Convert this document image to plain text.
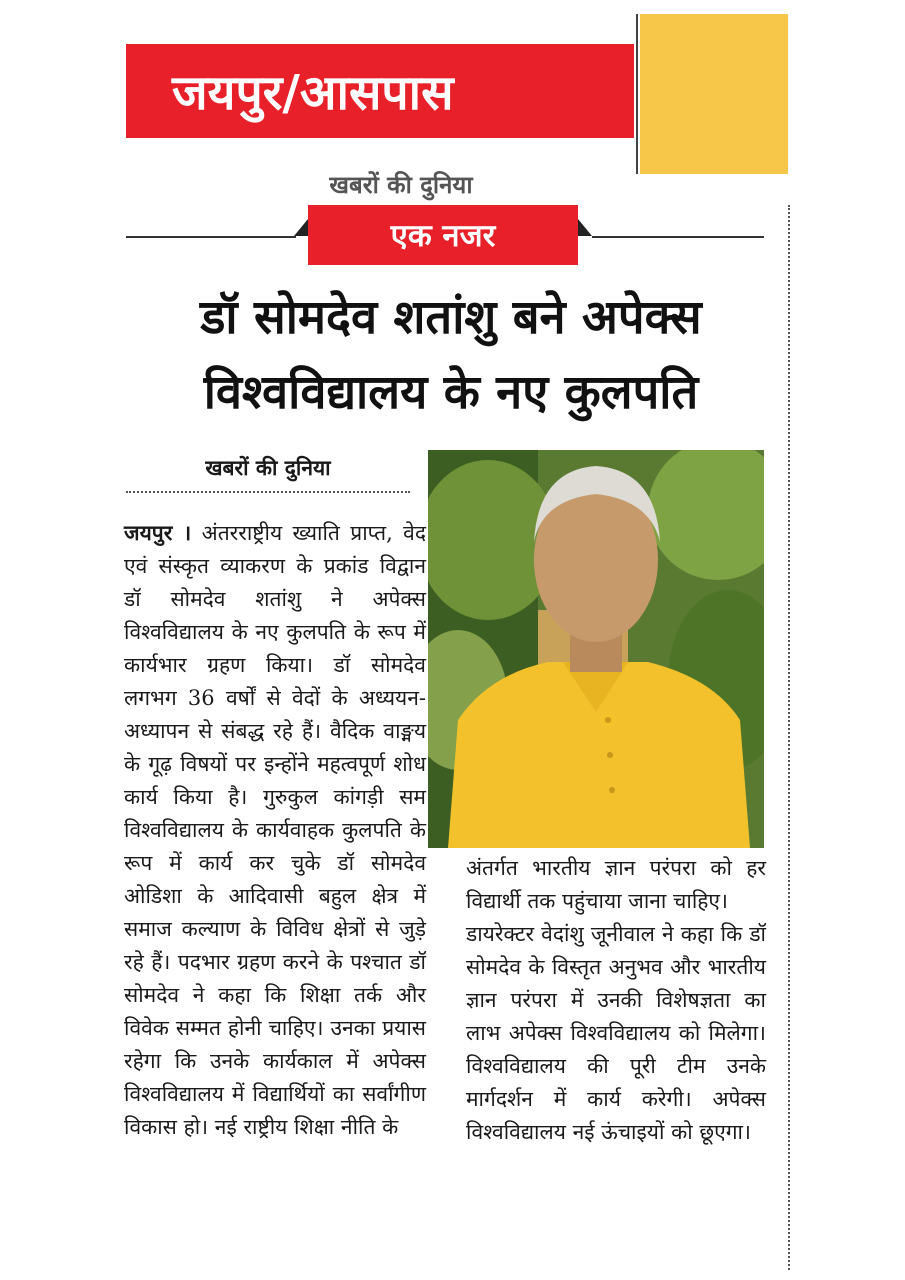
जयपुर/आसपास
खबरों की दुनिया
एक नजर
डॉ सोमदेव शतांशु बने अपेक्स
विश्वविद्यालय के नए कुलपति
खबरों की दुनिया

जयपुर । अंतरराष्ट्रीय ख्याति प्राप्त, वेद एवं संस्कृत व्याकरण के प्रकांड विद्वान डॉ सोमदेव शतांशु ने अपेक्स विश्वविद्यालय के नए कुलपति के रूप में कार्यभार ग्रहण किया। डॉ सोमदेव लगभग 36 वर्षों से वेदों के अध्ययन- अध्यापन से संबद्ध रहे हैं। वैदिक वाङ्मय के गूढ़ विषयों पर इन्होंने महत्वपूर्ण शोध कार्य किया है। गुरुकुल कांगड़ी सम विश्वविद्यालय के कार्यवाहक कुलपति के रूप में कार्य कर चुके डॉ सोमदेव ओडिशा के आदिवासी बहुल क्षेत्र में समाज कल्याण के विविध क्षेत्रों से जुड़े रहे हैं। पदभार ग्रहण करने के पश्चात डॉ सोमदेव ने कहा कि शिक्षा तर्क और विवेक सम्मत होनी चाहिए। उनका प्रयास रहेगा कि उनके कार्यकाल में अपेक्स विश्वविद्यालय में विद्यार्थियों का सर्वांगीण विकास हो। नई राष्ट्रीय शिक्षा नीति के

अंतर्गत भारतीय ज्ञान परंपरा को हर विद्यार्थी तक पहुंचाया जाना चाहिए।

डायरेक्टर वेदांशु जूनीवाल ने कहा कि डॉ सोमदेव के विस्तृत अनुभव और भारतीय ज्ञान परंपरा में उनकी विशेषज्ञता का लाभ अपेक्स विश्वविद्यालय को मिलेगा। विश्वविद्यालय की पूरी टीम उनके मार्गदर्शन में कार्य करेगी। अपेक्स विश्वविद्यालय नई ऊंचाइयों को छूएगा।
